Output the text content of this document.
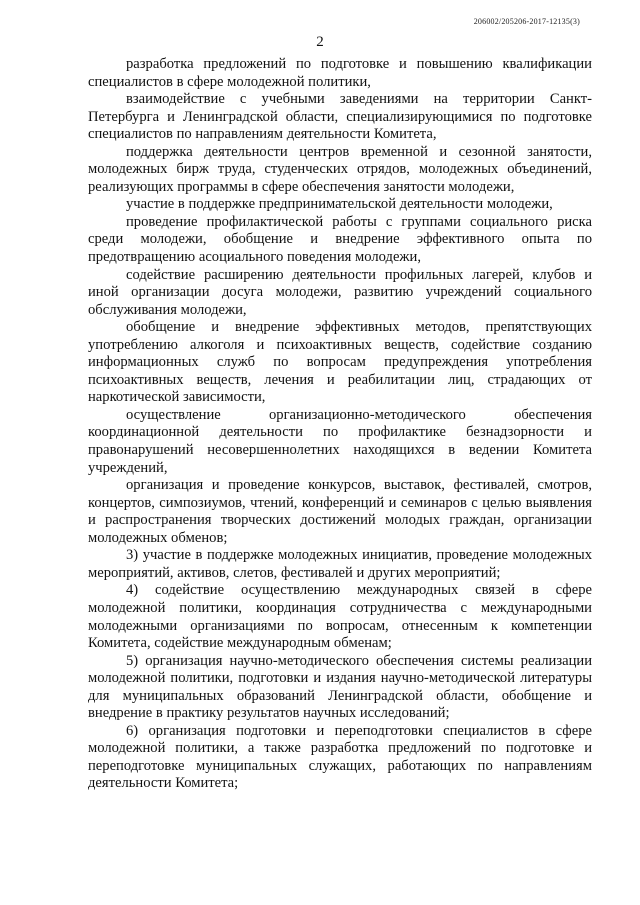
206002/205206-2017-12135(3)
2

разработка предложений по подготовке и повышению квалификации специалистов в сфере молодежной политики,

взаимодействие с учебными заведениями на территории Санкт-Петербурга и Ленинградской области, специализирующимися по подготовке специалистов по направлениям деятельности Комитета,

поддержка деятельности центров временной и сезонной занятости, молодежных бирж труда, студенческих отрядов, молодежных объединений, реализующих программы в сфере обеспечения занятости молодежи,

участие в поддержке предпринимательской деятельности молодежи,

проведение профилактической работы с группами социального риска среди молодежи, обобщение и внедрение эффективного опыта по предотвращению асоциального поведения молодежи,

содействие расширению деятельности профильных лагерей, клубов и иной организации досуга молодежи, развитию учреждений социального обслуживания молодежи,

обобщение и внедрение эффективных методов, препятствующих употреблению алкоголя и психоактивных веществ, содействие созданию информационных служб по вопросам предупреждения употребления психоактивных веществ, лечения и реабилитации лиц, страдающих от наркотической зависимости,

осуществление организационно-методического обеспечения координационной деятельности по профилактике безнадзорности и правонарушений несовершеннолетних находящихся в ведении Комитета учреждений,

организация и проведение конкурсов, выставок, фестивалей, смотров, концертов, симпозиумов, чтений, конференций и семинаров с целью выявления и распространения творческих достижений молодых граждан, организации молодежных обменов;

3) участие в поддержке молодежных инициатив, проведение молодежных мероприятий, активов, слетов, фестивалей и других мероприятий;

4) содействие осуществлению международных связей в сфере молодежной политики, координация сотрудничества с международными молодежными организациями по вопросам, отнесенным к компетенции Комитета, содействие международным обменам;

5) организация научно-методического обеспечения системы реализации молодежной политики, подготовки и издания научно-методической литературы для муниципальных образований Ленинградской области, обобщение и внедрение в практику результатов научных исследований;

6) организация подготовки и переподготовки специалистов в сфере молодежной политики, а также разработка предложений по подготовке и переподготовке муниципальных служащих, работающих по направлениям деятельности Комитета;
